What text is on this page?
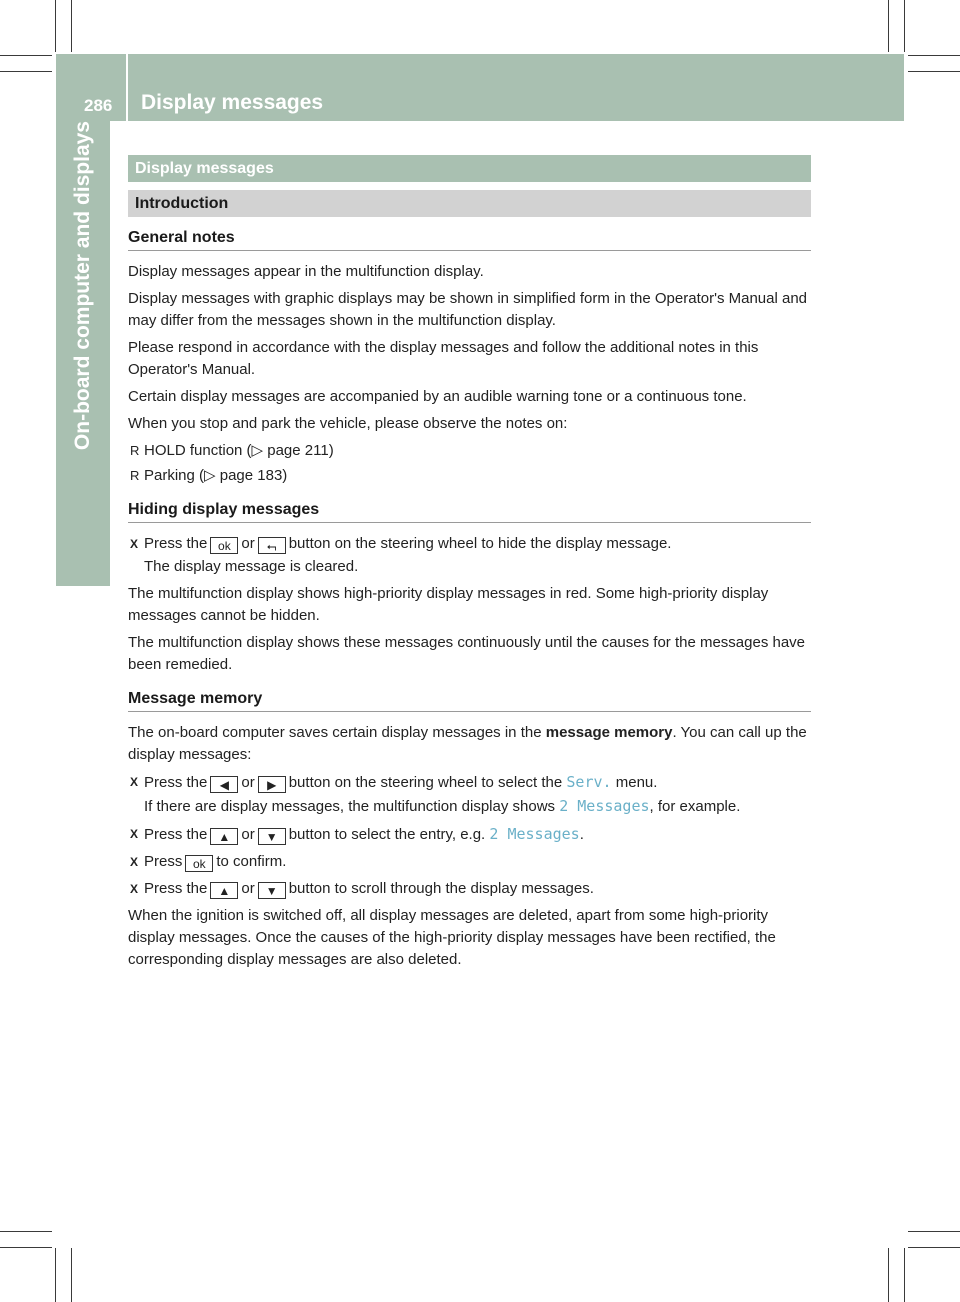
286 Display messages
On-board computer and displays	Display messages
Introduction
General notes

Display messages appear in the multifunction display.

Display messages with graphic displays may be shown in simplified form in the Operator's Manual and may differ from the messages shown in the multifunction display.

Please respond in accordance with the display messages and follow the additional notes in this Operator's Manual.

Certain display messages are accompanied by an audible warning tone or a continuous tone.

When you stop and park the vehicle, please observe the notes on:

R HOLD function (▷ page 211)

R Parking (▷ page 183)

Hiding display messages

X Press the ok or ⮢ button on the steering wheel to hide the display message.

The display message is cleared.

The multifunction display shows high-priority display messages in red. Some high-priority display messages cannot be hidden.

The multifunction display shows these messages continuously until the causes for the messages have been remedied.

Message memory

The on-board computer saves certain display messages in the message memory. You can call up the display messages:

X Press the ◀ or ▶ button on the steering wheel to select the Serv. menu.

If there are display messages, the multifunction display shows 2 Messages, for example.

X Press the ▲ or ▼ button to select the entry, e.g. 2 Messages.

X Press ok to confirm.

X Press the ▲ or ▼ button to scroll through the display messages.

When the ignition is switched off, all display messages are deleted, apart from some high-priority display messages. Once the causes of the high-priority display messages have been rectified, the corresponding display messages are also deleted.
